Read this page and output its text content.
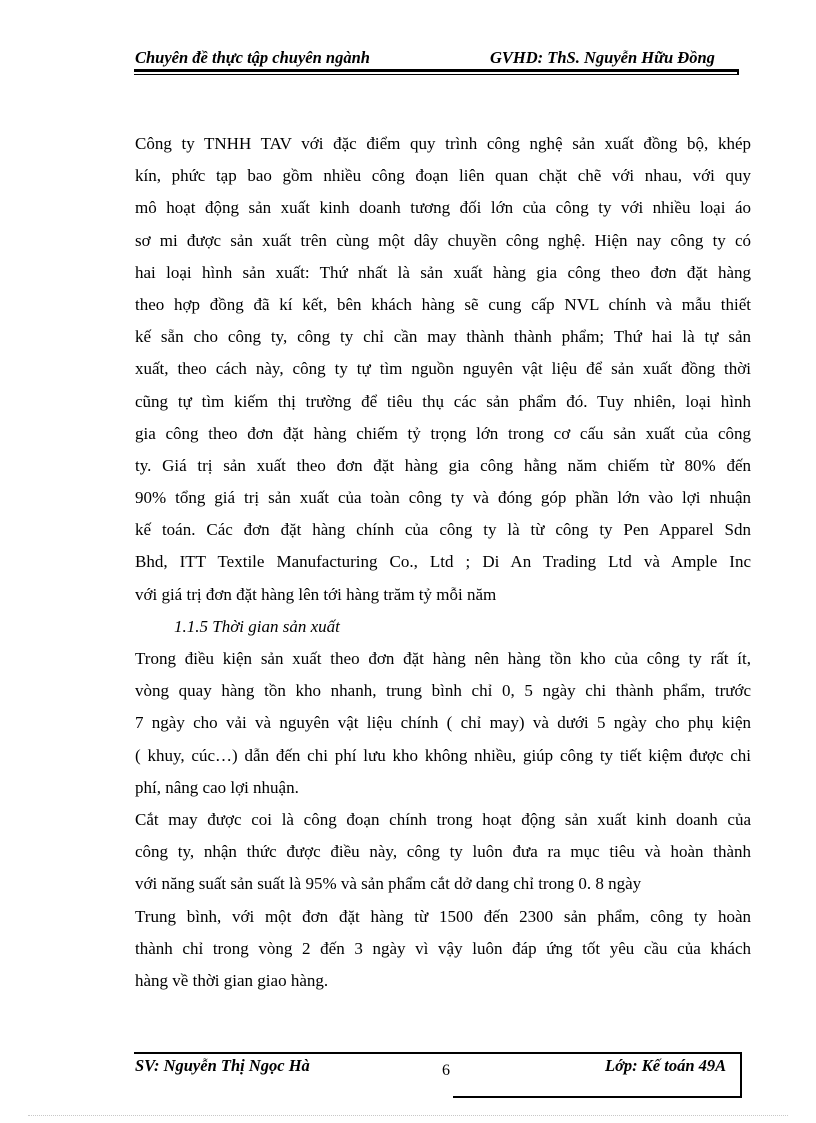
Chuyên đề thực tập chuyên ngành	GVHD: ThS. Nguyễn Hữu Đồng
Công ty TNHH TAV với đặc điểm quy trình công nghệ sản xuất đồng bộ, khép
kín, phức tạp bao gồm nhiều công đoạn liên quan chặt chẽ với nhau, với quy
mô hoạt động sản xuất kinh doanh tương đối lớn của công ty với nhiều loại áo
sơ mi được sản xuất trên cùng một dây chuyền công nghệ. Hiện nay công ty có
hai loại hình sản xuất: Thứ nhất là sản xuất hàng gia công theo đơn đặt hàng
theo hợp đồng đã kí kết, bên khách hàng sẽ cung cấp NVL chính và mẫu thiết
kế sẵn cho công ty, công ty chỉ cần may thành thành phẩm; Thứ hai là tự sản
xuất, theo cách này, công ty tự tìm nguồn nguyên vật liệu để sản xuất đồng thời
cũng tự tìm kiếm thị trường để tiêu thụ các sản phẩm đó. Tuy nhiên, loại hình
gia công theo đơn đặt hàng chiếm tỷ trọng lớn trong cơ cấu sản xuất của công
ty. Giá trị sản xuất theo đơn đặt hàng gia công hằng năm chiếm từ 80% đến
90% tổng giá trị sản xuất của toàn công ty và đóng góp phần lớn vào lợi nhuận
kế toán. Các đơn đặt hàng chính của công ty là từ công ty Pen Apparel Sdn
Bhd, ITT Textile Manufacturing Co., Ltd ; Di An Trading Ltd và Ample Inc
với giá trị đơn đặt hàng lên tới hàng trăm tỷ mỗi năm
1.1.5 Thời gian sản xuất
Trong điều kiện sản xuất theo đơn đặt hàng nên hàng tồn kho của công ty rất ít,
vòng quay hàng tồn kho nhanh, trung bình chỉ 0, 5 ngày chi thành phẩm, trước
7 ngày cho vải và nguyên vật liệu chính ( chỉ may) và dưới 5 ngày cho phụ kiện
( khuy, cúc…) dẫn đến chi phí lưu kho không nhiều, giúp công ty tiết kiệm được chi
phí, nâng cao lợi nhuận.
Cắt may được coi là công đoạn chính trong hoạt động sản xuất kinh doanh của
công ty, nhận thức được điều này, công ty luôn đưa ra mục tiêu và hoàn thành
với năng suất sản suất là 95% và sản phẩm cắt dở dang chỉ trong 0. 8 ngày
Trung bình, với một đơn đặt hàng từ 1500 đến 2300 sản phẩm, công ty hoàn
thành chỉ trong vòng 2 đến 3 ngày vì vậy luôn đáp ứng tốt yêu cầu của khách
hàng về thời gian giao hàng.
SV: Nguyễn Thị Ngọc Hà	6	Lớp: Kế toán 49A
